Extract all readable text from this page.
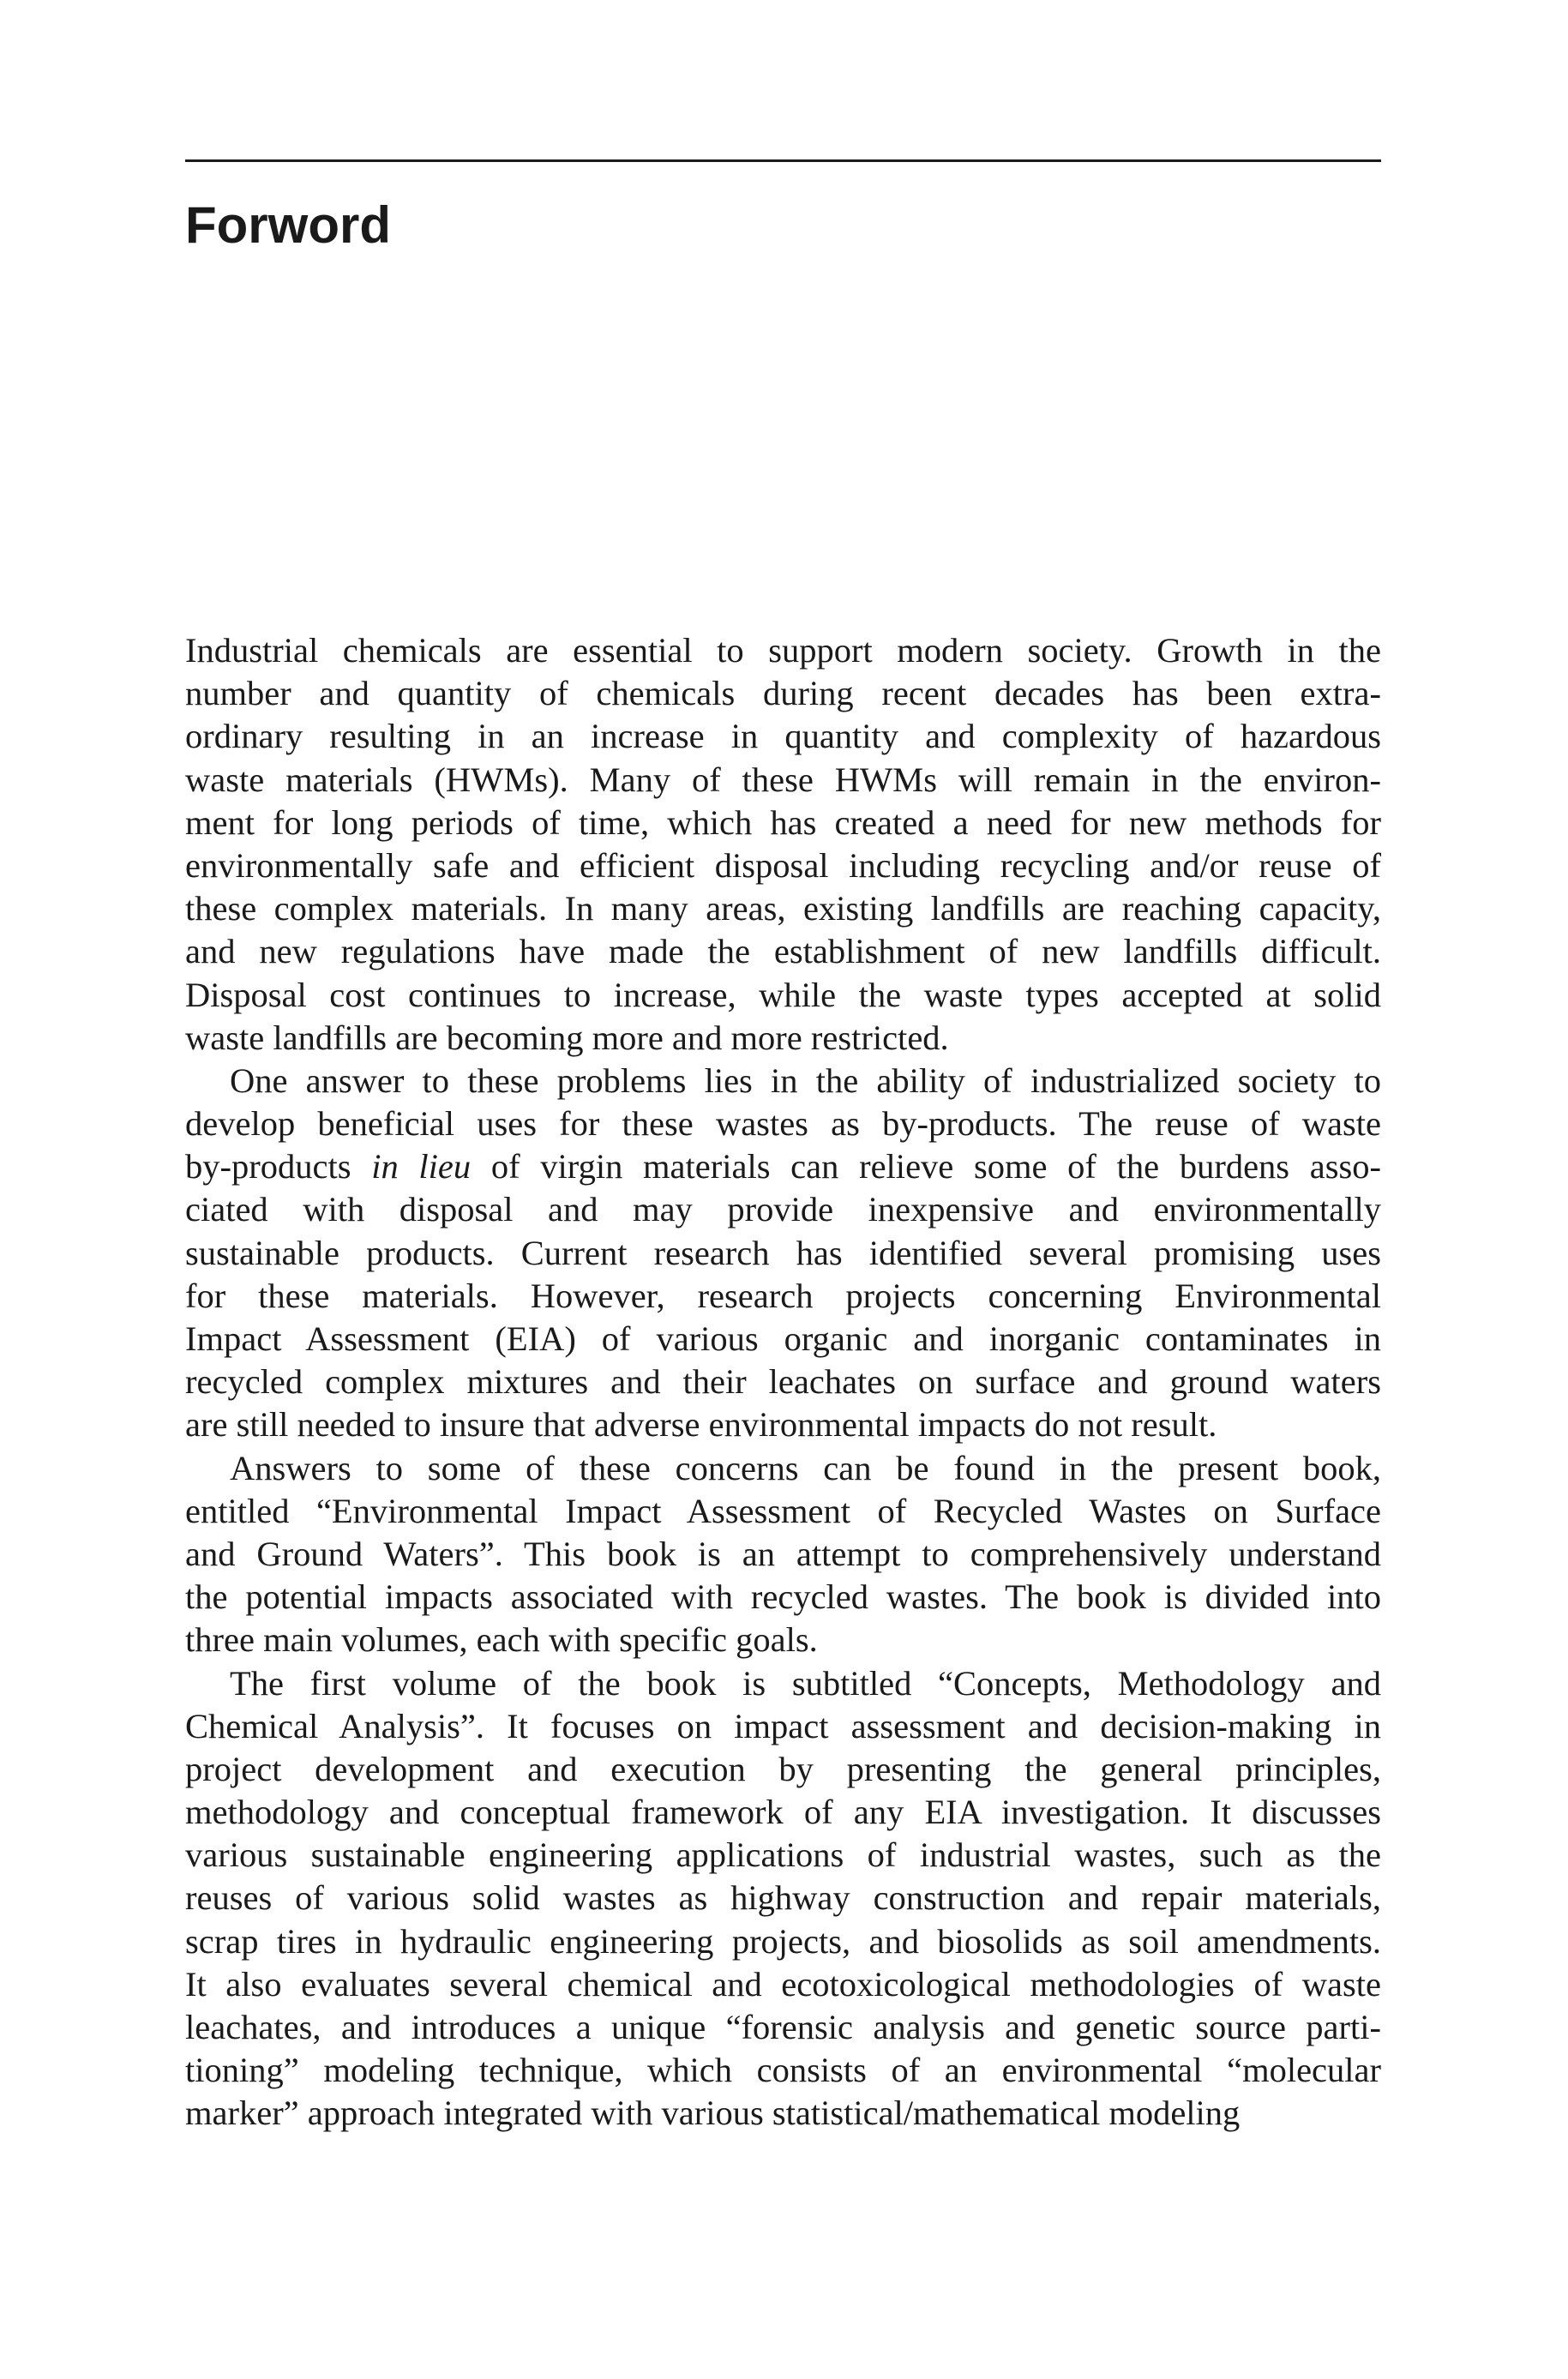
Forword
Industrial chemicals are essential to support modern society. Growth in the
number and quantity of chemicals during recent decades has been extra-
ordinary resulting in an increase in quantity and complexity of hazardous
waste materials (HWMs). Many of these HWMs will remain in the environ-
ment for long periods of time, which has created a need for new methods for
environmentally safe and efficient disposal including recycling and/or reuse of
these complex materials. In many areas, existing landfills are reaching capacity,
and new regulations have made the establishment of new landfills difficult.
Disposal cost continues to increase, while the waste types accepted at solid
waste landfills are becoming more and more restricted.
One answer to these problems lies in the ability of industrialized society to
develop beneficial uses for these wastes as by-products. The reuse of waste
by-products in lieu of virgin materials can relieve some of the burdens asso-
ciated with disposal and may provide inexpensive and environmentally
sustainable products. Current research has identified several promising uses
for these materials. However, research projects concerning Environmental
Impact Assessment (EIA) of various organic and inorganic contaminates in
recycled complex mixtures and their leachates on surface and ground waters
are still needed to insure that adverse environmental impacts do not result.
Answers to some of these concerns can be found in the present book,
entitled “Environmental Impact Assessment of Recycled Wastes on Surface
and Ground Waters”. This book is an attempt to comprehensively understand
the potential impacts associated with recycled wastes. The book is divided into
three main volumes, each with specific goals.
The first volume of the book is subtitled “Concepts, Methodology and
Chemical Analysis”. It focuses on impact assessment and decision-making in
project development and execution by presenting the general principles,
methodology and conceptual framework of any EIA investigation. It discusses
various sustainable engineering applications of industrial wastes, such as the
reuses of various solid wastes as highway construction and repair materials,
scrap tires in hydraulic engineering projects, and biosolids as soil amendments.
It also evaluates several chemical and ecotoxicological methodologies of waste
leachates, and introduces a unique “forensic analysis and genetic source parti-
tioning” modeling technique, which consists of an environmental “molecular
marker” approach integrated with various statistical/mathematical modeling
